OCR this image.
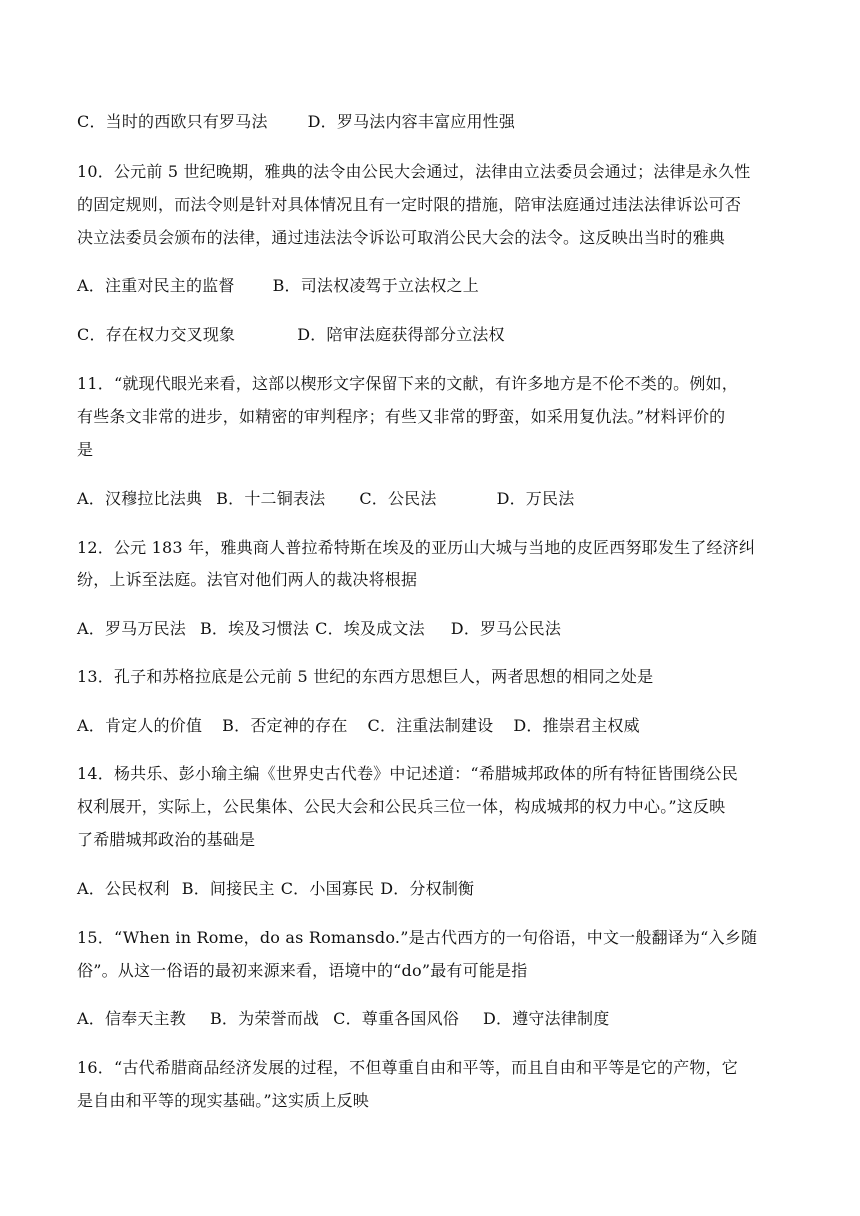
C．当时的西欧只有罗马法	D．罗马法内容丰富应用性强
10．公元前 5 世纪晚期，雅典的法令由公民大会通过，法律由立法委员会通过；法律是永久性
的固定规则，而法令则是针对具体情况且有一定时限的措施，陪审法庭通过违法法律诉讼可否
决立法委员会颁布的法律，通过违法法令诉讼可取消公民大会的法令。这反映出当时的雅典
A．注重对民主的监督 B．司法权凌驾于立法权之上
C．存在权力交叉现象	D．陪审法庭获得部分立法权
11．“就现代眼光来看，这部以楔形文字保留下来的文献，有许多地方是不伦不类的。例如，
有些条文非常的进步，如精密的审判程序；有些又非常的野蛮，如采用复仇法。”材料评价的
是
A．汉穆拉比法典 B．十二铜表法 C．公民法	D．万民法
12．公元 183 年，雅典商人普拉希特斯在埃及的亚历山大城与当地的皮匠西努耶发生了经济纠
纷，上诉至法庭。法官对他们两人的裁决将根据
A．罗马万民法 B．埃及习惯法 C．埃及成文法 D．罗马公民法
13．孔子和苏格拉底是公元前 5 世纪的东西方思想巨人，两者思想的相同之处是
A．肯定人的价值 B．否定神的存在 C．注重法制建设 D．推崇君主权威
14．杨共乐、彭小瑜主编《世界史古代卷》中记述道：“希腊城邦政体的所有特征皆围绕公民
权利展开，实际上，公民集体、公民大会和公民兵三位一体，构成城邦的权力中心。”这反映
了希腊城邦政治的基础是
A．公民权利 B．间接民主 C．小国寡民 D．分权制衡
15．“When in Rome，do as Romansdo.”是古代西方的一句俗语，中文一般翻译为“入乡随
俗”。从这一俗语的最初来源来看，语境中的“do”最有可能是指
A．信奉天主教 B．为荣誉而战 C．尊重各国风俗 D．遵守法律制度
16．“古代希腊商品经济发展的过程，不但尊重自由和平等，而且自由和平等是它的产物，它
是自由和平等的现实基础。”这实质上反映
